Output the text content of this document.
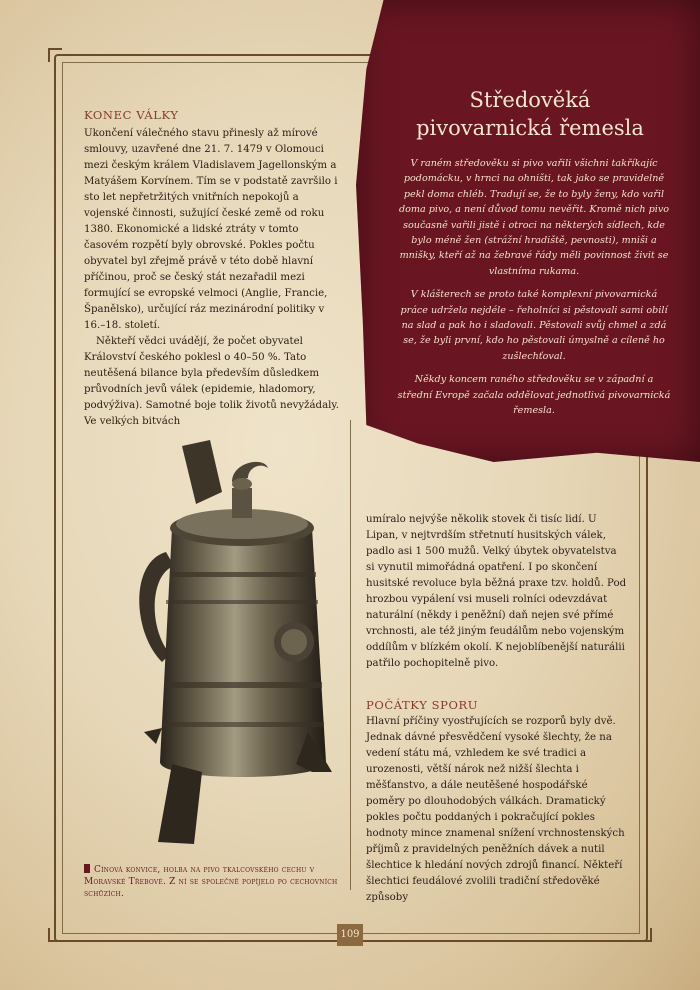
Středověká
pivovarnická řemesla

V raném středověku si pivo vařili všichni takříkajíc podomácku, v hrnci na ohništi, tak jako se pravidelně pekl doma chléb. Tradují se, že to byly ženy, kdo vařil doma pivo, a není důvod tomu nevěřit. Kromě nich pivo současně vařili jistě i otroci na některých sídlech, kde bylo méně žen (strážní hradiště, pevnosti), mniši a mnišky, kteří až na žebravé řády měli povinnost živit se vlastníma rukama.

V klášterech se proto také komplexní pivovarnická práce udržela nejdéle – řeholníci si pěstovali sami obilí na slad a pak ho i sladovali. Pěstovali svůj chmel a zdá se, že byli první, kdo ho pěstovali úmyslně a cíleně ho zušlechťoval.

Někdy koncem raného středověku se v západní a střední Evropě začala oddělovat jednotlivá pivovarnická řemesla.

KONEC VÁLKY

Ukončení válečného stavu přinesly až mírové smlouvy, uzavřené dne 21. 7. 1479 v Olomouci mezi českým králem Vladislavem Jagellonským a Matyášem Korvínem. Tím se v podstatě završilo i sto let nepřetržitých vnitřních nepokojů a vojenské činnosti, sužující české země od roku 1380. Ekonomické a lidské ztráty v tomto časovém rozpětí byly obrovské. Pokles počtu obyvatel byl zřejmě právě v této době hlavní příčinou, proč se český stát nezařadil mezi formující se evropské velmoci (Anglie, Francie, Španělsko), určující ráz mezinárodní politiky v 16.–18. století.

Někteří vědci uvádějí, že počet obyvatel Království českého poklesl o 40–50 %. Tato neutěšená bilance byla především důsledkem průvodních jevů válek (epidemie, hladomory, podvýživa). Samotné boje tolik životů nevyžádaly. Ve velkých bitvách

Cínová konvice, holba na pivo tkalcovského cechu v Moravské Třebové. Z ní se společně popíjelo po cechovních schůzích.

umíralo nejvýše několik stovek či tisíc lidí. U Lipan, v nejtvrdším střetnutí husitských válek, padlo asi 1 500 mužů. Velký úbytek obyvatelstva si vynutil mimořádná opatření. I po skončení husitské revoluce byla běžná praxe tzv. holdů. Pod hrozbou vypálení vsi museli rolníci odevzdávat naturální (někdy i peněžní) daň nejen své přímé vrchnosti, ale též jiným feudálům nebo vojenským oddílům v blízkém okolí. K nejoblíbenější naturálii patřilo pochopitelně pivo.

POČÁTKY SPORU

Hlavní příčiny vyostřujících se rozporů byly dvě. Jednak dávné přesvědčení vysoké šlechty, že na vedení státu má, vzhledem ke své tradici a urozenosti, větší nárok než nižší šlechta i měšťanstvo, a dále neutěšené hospodářské poměry po dlouhodobých válkách. Dramatický pokles počtu poddaných i pokračující pokles hodnoty mince znamenal snížení vrchnostenských příjmů z pravidelných peněžních dávek a nutil šlechtice k hledání nových zdrojů financí. Někteří šlechtici feudálové zvolili tradiční středověké způsoby

109
